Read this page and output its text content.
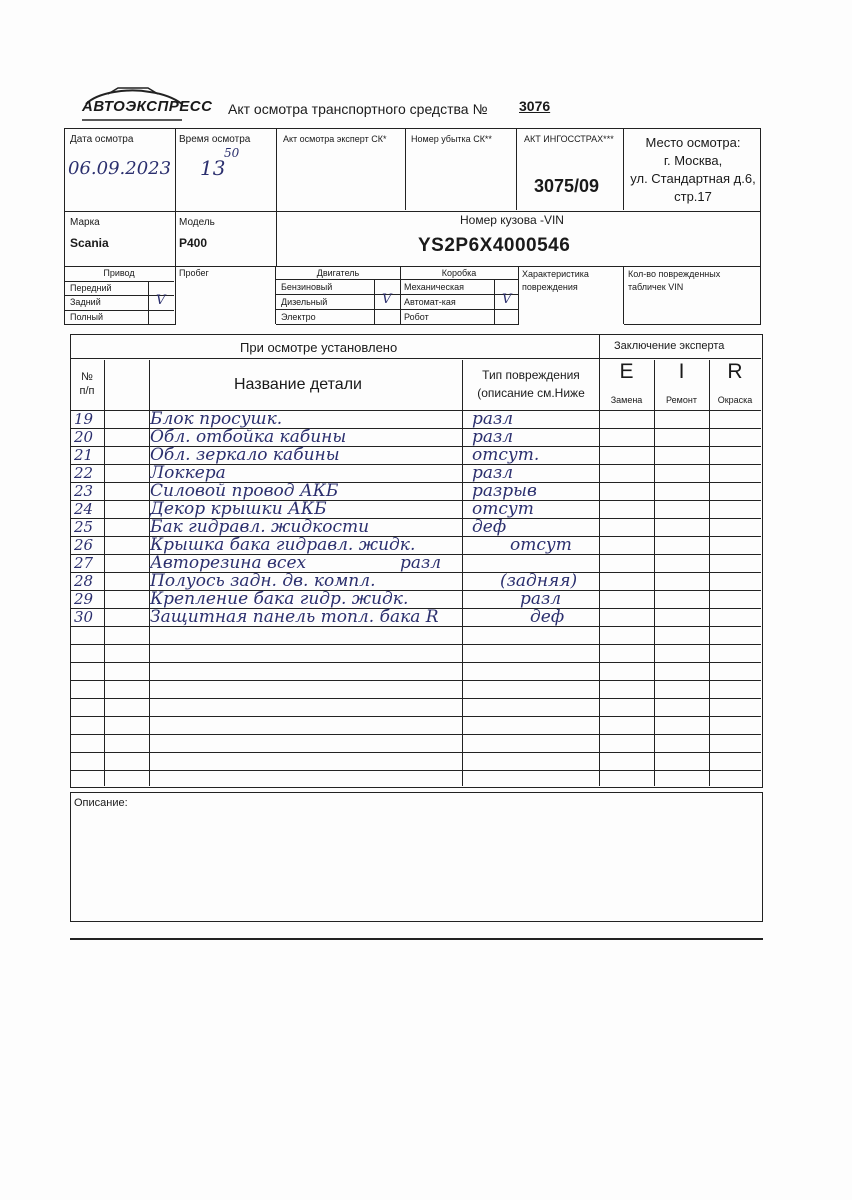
АВТОЭКСПРЕСС Акт осмотра транспортного средства № 3076
Дата осмотра
06.09.2023
Время осмотра
13
50
Акт осмотра эксперт СК*	Номер убытка СК**	АКТ ИНГОССТРАХ***
3075/09
Место осмотра:
г. Москва,
ул. Стандартная д.6,
стр.17
Марка
Scania
Модель
P400
Номер кузова -VIN
YS2P6X4000546
Привод
Передний
Задний	V
Полный
Пробег	Двигатель
Бензиновый
Дизельный	V
Электро
Коробка
Механическая
Автомат-кая	V
Робот
Характеристика повреждения
Кол-во поврежденных табличек VIN
При осмотре установлено	Заключение эксперта
№
п/п	Название детали
Тип повреждения
(описание см.Ниже
E	I	R
Замена	Ремонт	Окраска
19	Блок просушк.	разл
20	Обл. отбойка кабины	разл
21	Обл. зеркало кабины	отсут.
22	Локкера	разл
23	Силовой провод АКБ	разрыв
24	Декор крышки АКБ	отсут
25	Бак гидравл. жидкости	деф
26	Крышка бака гидравл. жидк.	отсут
27	Авторезина всех	разл
28	Полуось задн. дв. компл.	(задняя)
29	Крепление бака гидр. жидк.	разл
30	Защитная панель топл. бака R	деф
Описание:
